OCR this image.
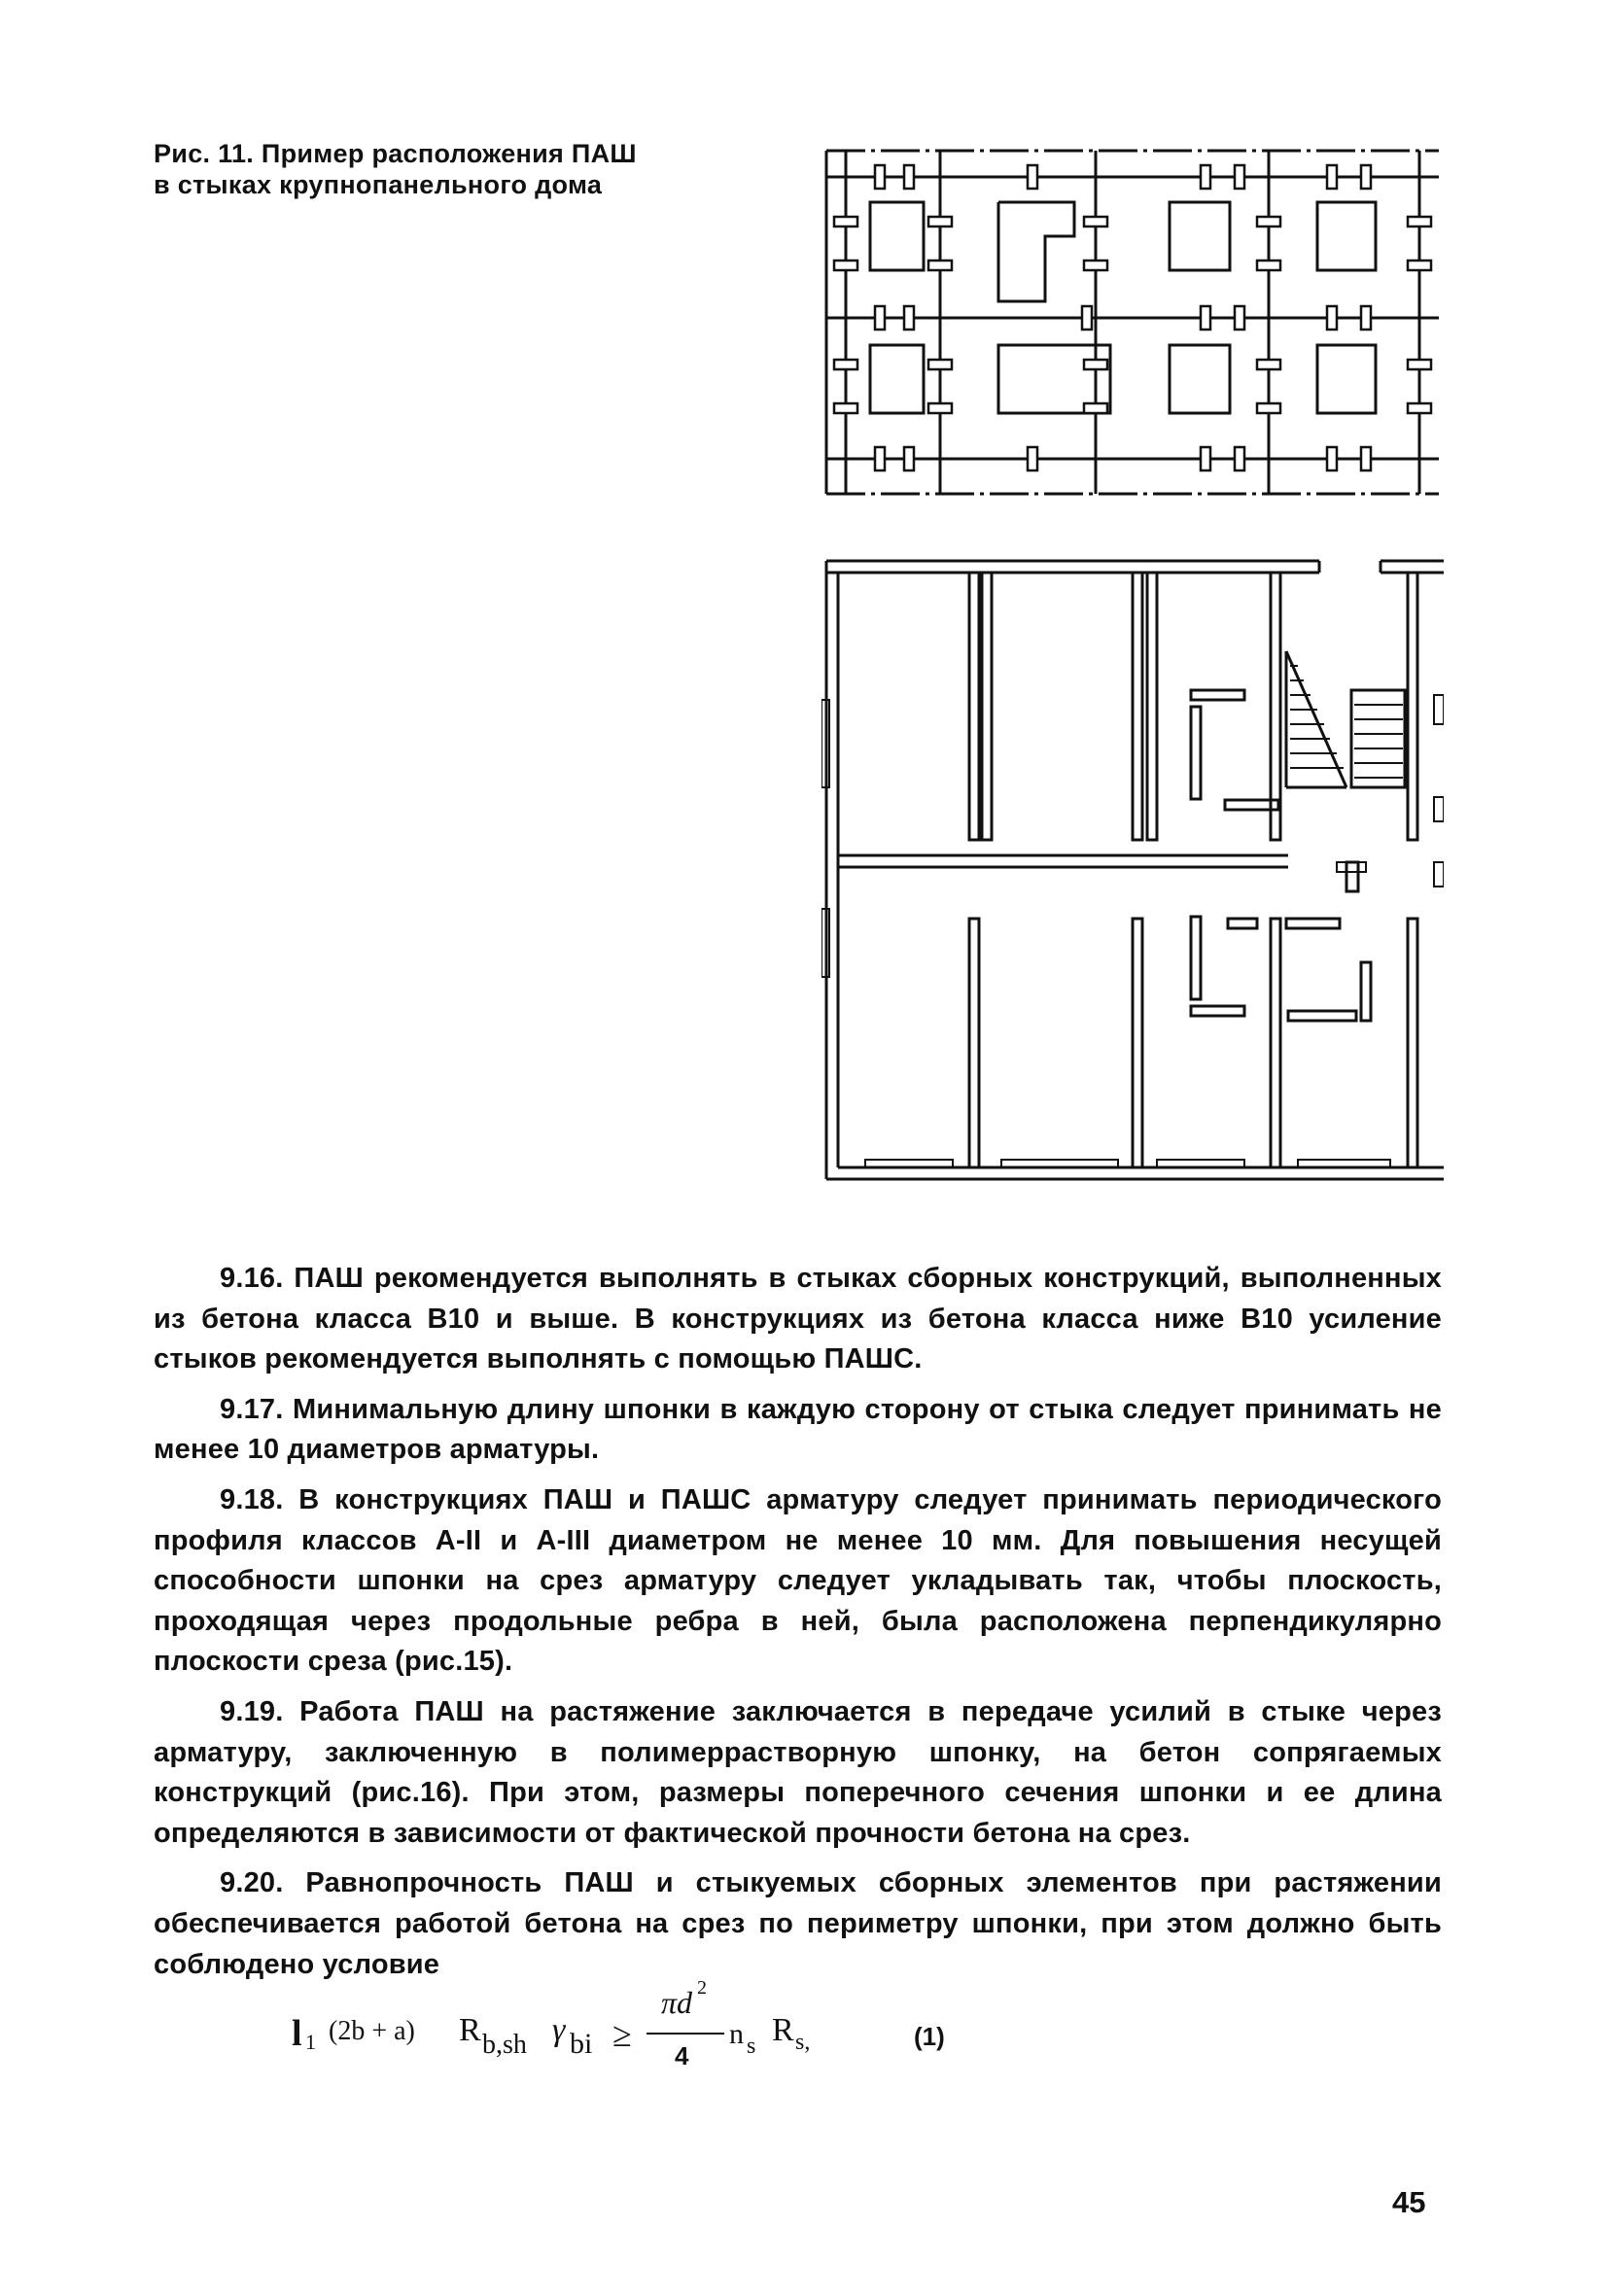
Рис. 11. Пример расположения ПАШ
в стыках крупнопанельного дома

9.16. ПАШ рекомендуется выполнять в стыках сборных конструкций, выполненных из бетона класса В10 и выше. В конструкциях из бетона класса ниже В10 усиление стыков рекомендуется выполнять с помощью ПАШС.

9.17. Минимальную длину шпонки в каждую сторону от стыка следует принимать не менее 10 диаметров арматуры.

9.18. В конструкциях ПАШ и ПАШС арматуру следует принимать периодического профиля классов А-II и А-III диаметром не менее 10 мм. Для повышения несущей способности шпонки на срез арматуру следует укладывать так, чтобы плоскость, проходящая через продольные ребра в ней, была расположена перпендикулярно плоскости среза (рис.15).

9.19. Работа ПАШ на растяжение заключается в передаче усилий в стыке через арматуру, заключенную в полимеррастворную шпонку, на бетон сопрягаемых конструкций (рис.16). При этом, размеры поперечного сечения шпонки и ее длина определяются в зависимости от фактической прочности бетона на срез.

9.20. Равнопрочность ПАШ и стыкуемых сборных элементов при растяжении обеспечивается работой бетона на срез по периметру шпонки, при этом должно быть соблюдено условие

l 1 (2b + a) R b,sh γ bi ≥
πd 2
4
n s R s,	(1)
45
